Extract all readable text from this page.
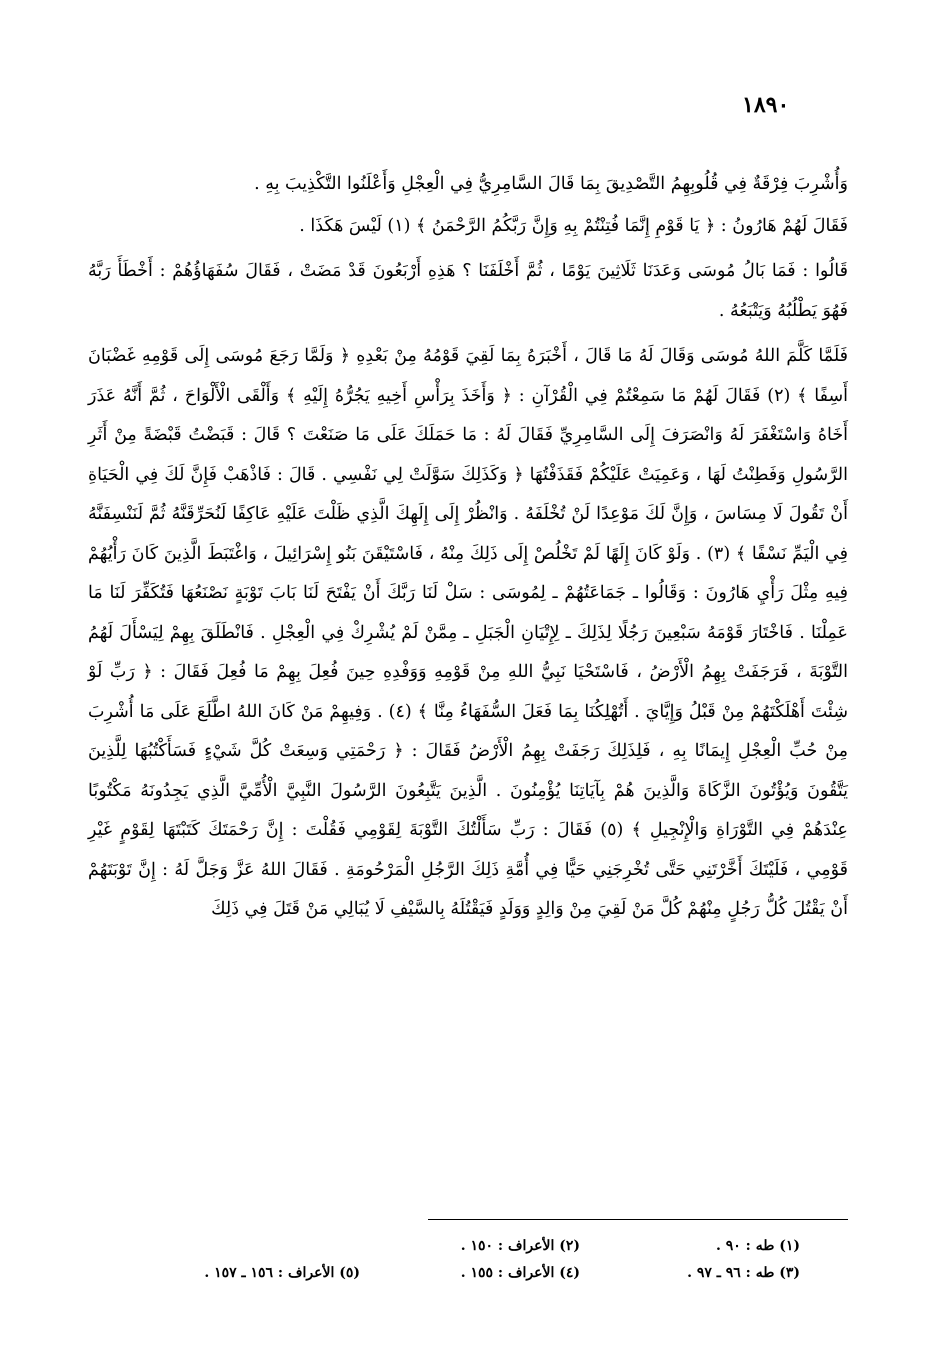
١٨٩٠

وَأُشْرِبَ فِرْقَةٌ فِي قُلُوبِهِمُ التَّصْدِيقَ بِمَا قَالَ السَّامِرِيُّ فِي الْعِجْلِ وَأَعْلَنُوا التَّكْذِيبَ بِهِ .

فَقَالَ لَهُمْ هَارُونُ : ﴿ يَا قَوْمِ إِنَّمَا فُتِنْتُمْ بِهِ وَإِنَّ رَبَّكُمُ الرَّحْمَنُ ﴾ (١) لَيْسَ هَكَذَا .

قَالُوا : فَمَا بَالُ مُوسَى وَعَدَنَا ثَلَاثِينَ يَوْمًا ، ثُمَّ أَخْلَفَنَا ؟ هَذِهِ أَرْبَعُونَ قَدْ مَضَتْ ، فَقَالَ سُفَهَاؤُهُمْ : أَخْطَأَ رَبَّهُ فَهُوَ يَطْلُبُهُ وَيَتْبَعُهُ .

فَلَمَّا كَلَّمَ اللهُ مُوسَى وَقَالَ لَهُ مَا قَالَ ، أَخْبَرَهُ بِمَا لَقِيَ قَوْمُهُ مِنْ بَعْدِهِ ﴿ وَلَمَّا رَجَعَ مُوسَى إِلَى قَوْمِهِ غَضْبَانَ أَسِفًا ﴾ (٢) فَقَالَ لَهُمْ مَا سَمِعْتُمْ فِي الْقُرْآنِ : ﴿ وَأَخَذَ بِرَأْسِ أَخِيهِ يَجُرُّهُ إِلَيْهِ ﴾ وَأَلْقَى الْأَلْوَاحَ ، ثُمَّ أَنَّهُ عَذَرَ أَخَاهُ وَاسْتَغْفَرَ لَهُ وَانْصَرَفَ إِلَى السَّامِرِيِّ فَقَالَ لَهُ : مَا حَمَلَكَ عَلَى مَا صَنَعْتَ ؟ قَالَ : قَبَضْتُ قَبْضَةً مِنْ أَثَرِ الرَّسُولِ وَفَطِنْتُ لَهَا ، وَعَمِيَتْ عَلَيْكُمْ فَقَذَفْتُهَا ﴿ وَكَذَلِكَ سَوَّلَتْ لِي نَفْسِي . قَالَ : فَاذْهَبْ فَإِنَّ لَكَ فِي الْحَيَاةِ أَنْ تَقُولَ لَا مِسَاسَ ، وَإِنَّ لَكَ مَوْعِدًا لَنْ تُخْلَفَهُ . وَانْظُرْ إِلَى إِلَهِكَ الَّذِي ظَلْتَ عَلَيْهِ عَاكِفًا لَنُحَرِّقَنَّهُ ثُمَّ لَنَنْسِفَنَّهُ فِي الْيَمِّ نَسْفًا ﴾ (٣) . وَلَوْ كَانَ إِلَهًا لَمْ تَخْلُصْ إِلَى ذَلِكَ مِنْهُ ، فَاسْتَيْقَنَ بَنُو إِسْرَائِيلَ ، وَاغْتَبَطَ الَّذِينَ كَانَ رَأْيُهُمْ فِيهِ مِثْلَ رَأْيِ هَارُونَ : وَقَالُوا ـ جَمَاعَتُهُمْ ـ لِمُوسَى : سَلْ لَنَا رَبَّكَ أَنْ يَفْتَحَ لَنَا بَابَ تَوْبَةٍ نَصْنَعُهَا فَتُكَفِّرَ لَنَا مَا عَمِلْنَا . فَاخْتَارَ قَوْمَهُ سَبْعِينَ رَجُلًا لِذَلِكَ ـ لِإِتْيَانِ الْجَبَلِ ـ مِمَّنْ لَمْ يُشْرِكْ فِي الْعِجْلِ . فَانْطَلَقَ بِهِمْ لِيَسْأَلَ لَهُمُ التَّوْبَةَ ، فَرَجَفَتْ بِهِمُ الْأَرْضُ ، فَاسْتَحْيَا نَبِيُّ اللهِ مِنْ قَوْمِهِ وَوَفْدِهِ حِينَ فُعِلَ بِهِمْ مَا فُعِلَ فَقَالَ : ﴿ رَبِّ لَوْ شِئْتَ أَهْلَكْتَهُمْ مِنْ قَبْلُ وَإِيَّايَ . أَتُهْلِكُنَا بِمَا فَعَلَ السُّفَهَاءُ مِنَّا ﴾ (٤) . وَفِيهِمْ مَنْ كَانَ اللهُ اطَّلَعَ عَلَى مَا أُشْرِبَ مِنْ حُبِّ الْعِجْلِ إِيمَانًا بِهِ ، فَلِذَلِكَ رَجَفَتْ بِهِمُ الْأَرْضُ فَقَالَ : ﴿ رَحْمَتِي وَسِعَتْ كُلَّ شَيْءٍ فَسَأَكْتُبُهَا لِلَّذِينَ يَتَّقُونَ وَيُؤْتُونَ الزَّكَاةَ وَالَّذِينَ هُمْ بِآيَاتِنَا يُؤْمِنُونَ . الَّذِينَ يَتَّبِعُونَ الرَّسُولَ النَّبِيَّ الْأُمِّيَّ الَّذِي يَجِدُونَهُ مَكْتُوبًا عِنْدَهُمْ فِي التَّوْرَاةِ وَالْإِنْجِيلِ ﴾ (٥) فَقَالَ : رَبِّ سَأَلْتُكَ التَّوْبَةَ لِقَوْمِي فَقُلْتَ : إِنَّ رَحْمَتَكَ كَتَبْتَهَا لِقَوْمٍ غَيْرِ قَوْمِي ، فَلَيْتَكَ أَخَّرْتَنِي حَتَّى تُخْرِجَنِي حَيًّا فِي أُمَّةِ ذَلِكَ الرَّجُلِ الْمَرْحُومَةِ . فَقَالَ اللهُ عَزَّ وَجَلَّ لَهُ : إِنَّ تَوْبَتَهُمْ أَنْ يَقْتُلَ كُلُّ رَجُلٍ مِنْهُمْ كُلَّ مَنْ لَقِيَ مِنْ وَالِدٍ وَوَلَدٍ فَيَقْتُلَهُ بِالسَّيْفِ لَا يُبَالِي مَنْ قَتَلَ فِي ذَلِكَ

(١) طه : ٩٠ .
(٢) الأعراف : ١٥٠ .
(٣) طه : ٩٦ ـ ٩٧ .
(٤) الأعراف : ١٥٥ .
(٥) الأعراف : ١٥٦ ـ ١٥٧ .
